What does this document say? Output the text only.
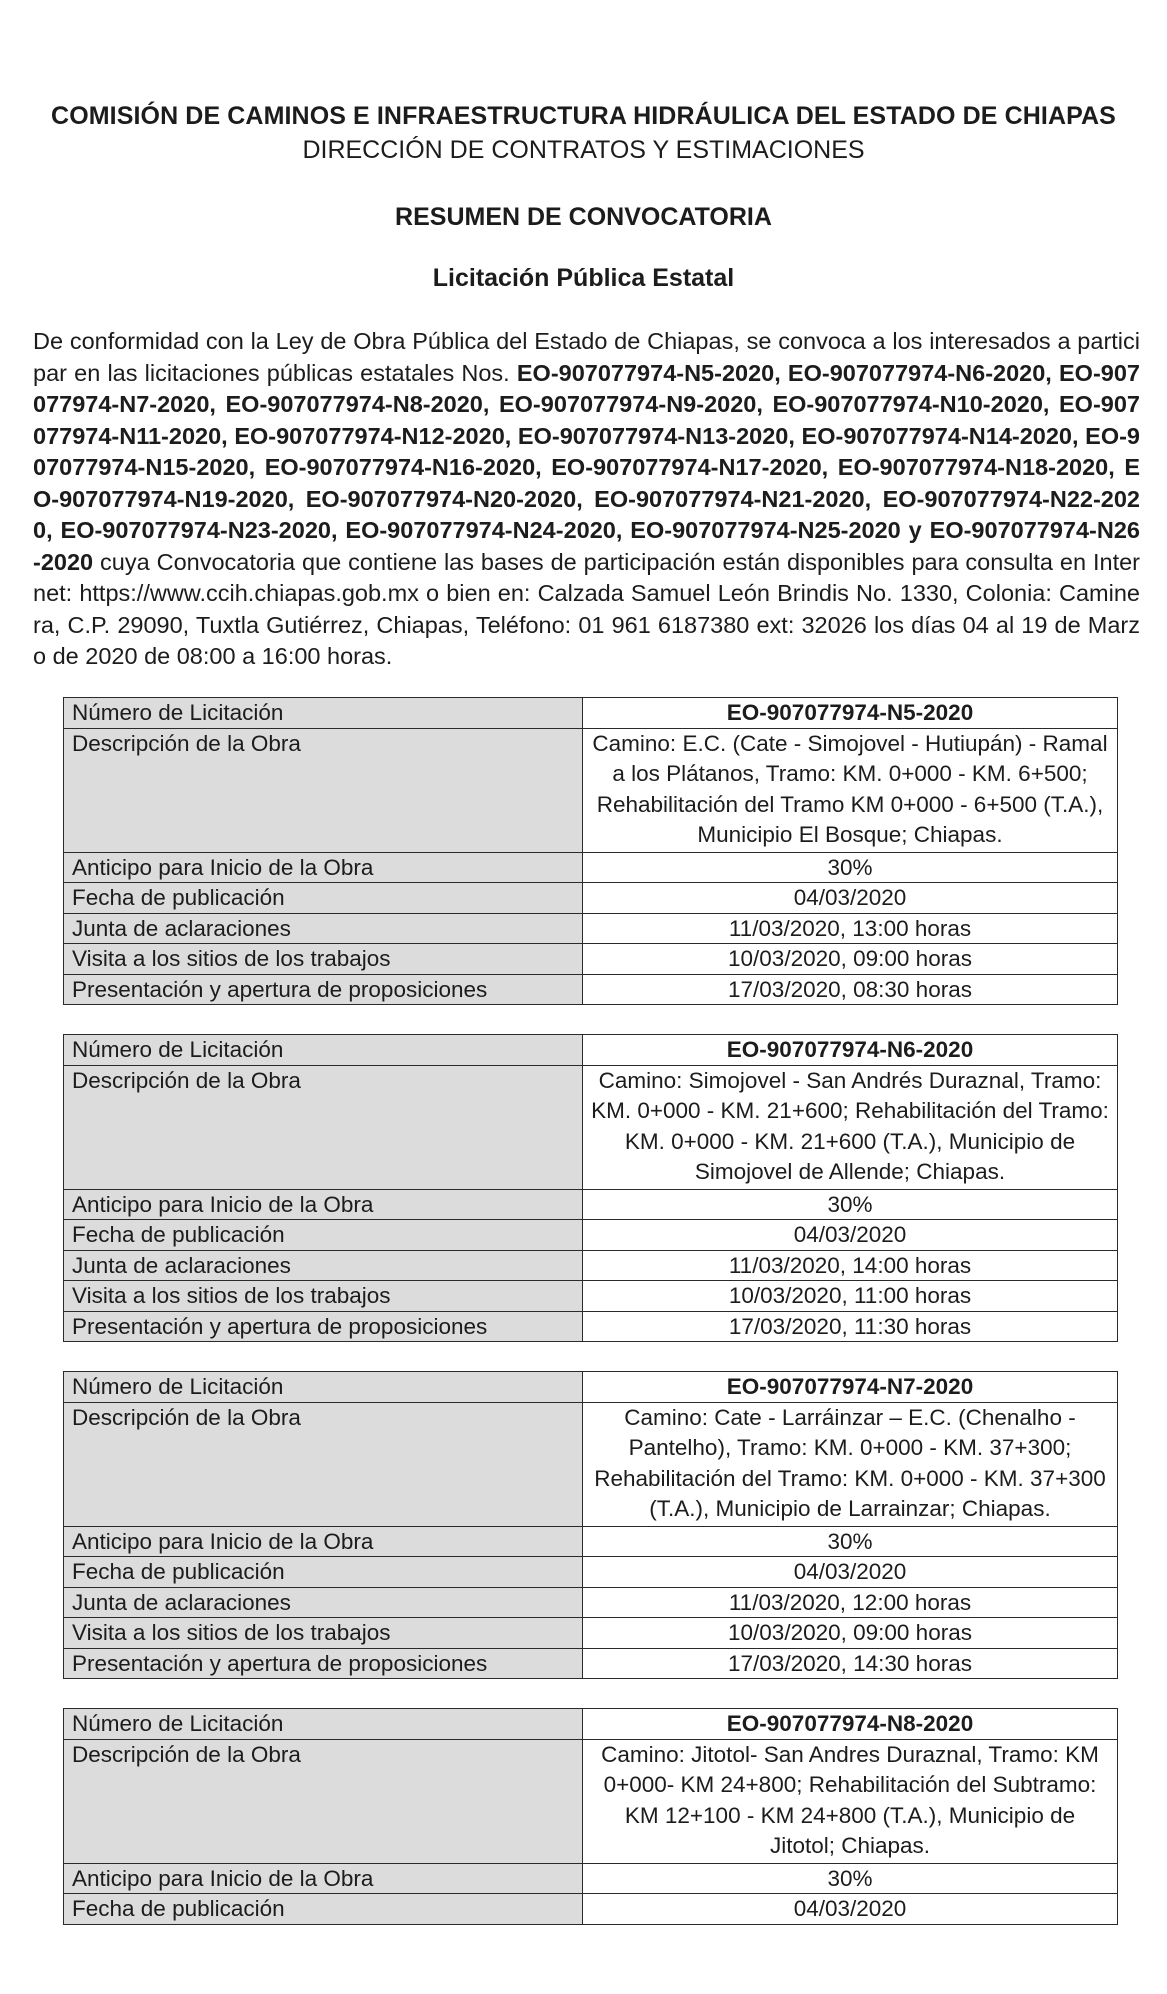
COMISIÓN DE CAMINOS E INFRAESTRUCTURA HIDRÁULICA DEL ESTADO DE CHIAPAS
DIRECCIÓN DE CONTRATOS Y ESTIMACIONES
RESUMEN DE CONVOCATORIA
Licitación Pública Estatal
De conformidad con la Ley de Obra Pública del Estado de Chiapas, se convoca a los interesados a participar en las licitaciones públicas estatales Nos. EO-907077974-N5-2020, EO-907077974-N6-2020, EO-907077974-N7-2020, EO-907077974-N8-2020, EO-907077974-N9-2020, EO-907077974-N10-2020, EO-907077974-N11-2020, EO-907077974-N12-2020, EO-907077974-N13-2020, EO-907077974-N14-2020, EO-907077974-N15-2020, EO-907077974-N16-2020, EO-907077974-N17-2020, EO-907077974-N18-2020, EO-907077974-N19-2020, EO-907077974-N20-2020, EO-907077974-N21-2020, EO-907077974-N22-2020, EO-907077974-N23-2020, EO-907077974-N24-2020, EO-907077974-N25-2020 y EO-907077974-N26-2020 cuya Convocatoria que contiene las bases de participación están disponibles para consulta en Internet: https://www.ccih.chiapas.gob.mx o bien en: Calzada Samuel León Brindis No. 1330, Colonia: Caminera, C.P. 29090, Tuxtla Gutiérrez, Chiapas, Teléfono: 01 961 6187380 ext: 32026 los días 04 al 19 de Marzo de 2020 de 08:00 a 16:00 horas.
Número de Licitación	EO-907077974-N5-2020
Descripción de la Obra	Camino: E.C. (Cate - Simojovel - Hutiupán) - Ramal a los Plátanos, Tramo: KM. 0+000 - KM. 6+500; Rehabilitación del Tramo KM 0+000 - 6+500 (T.A.), Municipio El Bosque; Chiapas.
Anticipo para Inicio de la Obra	30%
Fecha de publicación	04/03/2020
Junta de aclaraciones	11/03/2020, 13:00 horas
Visita a los sitios de los trabajos	10/03/2020, 09:00 horas
Presentación y apertura de proposiciones	17/03/2020, 08:30 horas
Número de Licitación	EO-907077974-N6-2020
Descripción de la Obra	Camino: Simojovel - San Andrés Duraznal, Tramo: KM. 0+000 - KM. 21+600; Rehabilitación del Tramo: KM. 0+000 - KM. 21+600 (T.A.), Municipio de Simojovel de Allende; Chiapas.
Anticipo para Inicio de la Obra	30%
Fecha de publicación	04/03/2020
Junta de aclaraciones	11/03/2020, 14:00 horas
Visita a los sitios de los trabajos	10/03/2020, 11:00 horas
Presentación y apertura de proposiciones	17/03/2020, 11:30 horas
Número de Licitación	EO-907077974-N7-2020
Descripción de la Obra	Camino: Cate - Larráinzar – E.C. (Chenalho - Pantelho), Tramo: KM. 0+000 - KM. 37+300; Rehabilitación del Tramo: KM. 0+000 - KM. 37+300 (T.A.), Municipio de Larrainzar; Chiapas.
Anticipo para Inicio de la Obra	30%
Fecha de publicación	04/03/2020
Junta de aclaraciones	11/03/2020, 12:00 horas
Visita a los sitios de los trabajos	10/03/2020, 09:00 horas
Presentación y apertura de proposiciones	17/03/2020, 14:30 horas
Número de Licitación	EO-907077974-N8-2020
Descripción de la Obra	Camino: Jitotol- San Andres Duraznal, Tramo: KM 0+000- KM 24+800; Rehabilitación del Subtramo: KM 12+100 - KM 24+800 (T.A.), Municipio de Jitotol; Chiapas.
Anticipo para Inicio de la Obra	30%
Fecha de publicación	04/03/2020
